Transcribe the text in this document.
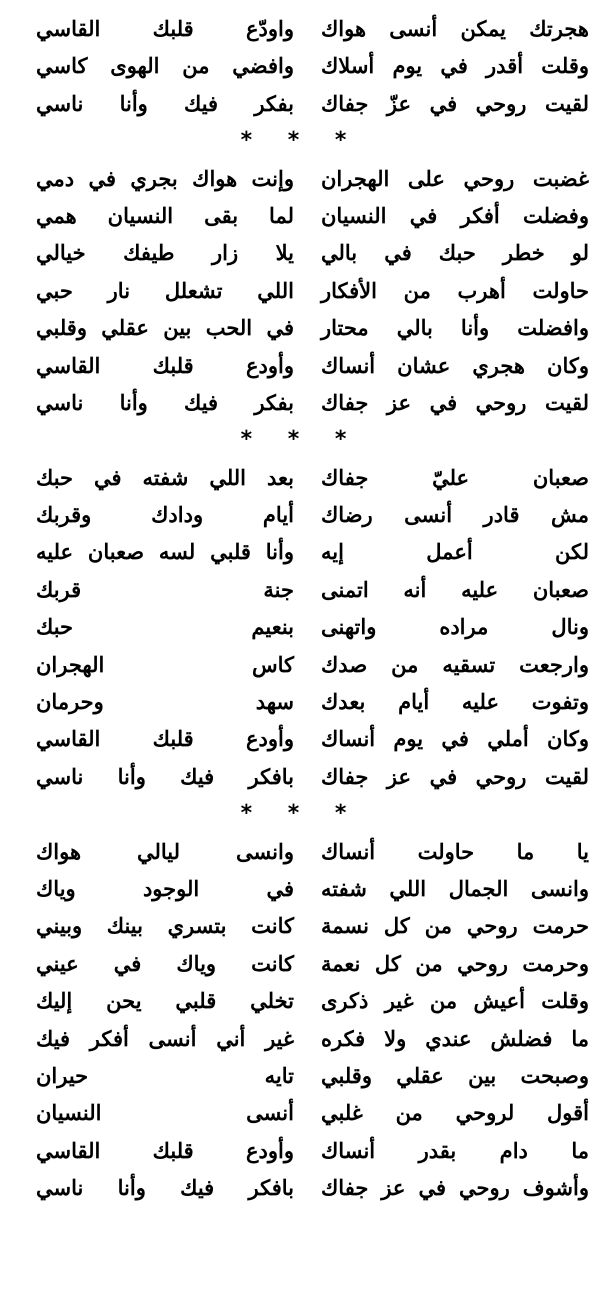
هجرتك يمكن أنسى هواك
واودّع قلبك القاسي
وقلت أقدر في يوم أسلاك
وافضي من الهوى كاسي
لقيت روحي في عزّ جفاك
بفكر فيك وأنا ناسي
* * *
غضبت روحي على الهجران
وإنت هواك بجري في دمي
وفضلت أفكر في النسيان
لما بقى النسيان همي
لو خطر حبك في بالي
يلا زار طيفك خيالي
حاولت أهرب من الأفكار
اللي تشعلل نار حبي
وافضلت وأنا بالي محتار
في الحب بين عقلي وقلبي
وكان هجري عشان أنساك
وأودع قلبك القاسي
لقيت روحي في عز جفاك
بفكر فيك وأنا ناسي
* * *
صعبان عليّ جفاك
بعد اللي شفته في حبك
مش قادر أنسى رضاك
أيام ودادك وقربك
لكن أعمل إيه
وأنا قلبي لسه صعبان عليه
صعبان عليه أنه اتمنى
جنة قربك
ونال مراده واتهنى
بنعيم حبك
وارجعت تسقيه من صدك
كاس الهجران
وتفوت عليه أيام بعدك
سهد وحرمان
وكان أملي في يوم أنساك
وأودع قلبك القاسي
لقيت روحي في عز جفاك
بافكر فيك وأنا ناسي
* * *
يا ما حاولت أنساك
وانسى ليالي هواك
وانسى الجمال اللي شفته
في الوجود وياك
حرمت روحي من كل نسمة
كانت بتسري بينك وبيني
وحرمت روحي من كل نعمة
كانت وياك في عيني
وقلت أعيش من غير ذكرى
تخلي قلبي يحن إليك
ما فضلش عندي ولا فكره
غير أني أنسى أفكر فيك
وصبحت بين عقلي وقلبي
تايه حيران
أقول لروحي من غلبي
أنسى النسيان
ما دام بقدر أنساك
وأودع قلبك القاسي
وأشوف روحي في عز جفاك
بافكر فيك وأنا ناسي
